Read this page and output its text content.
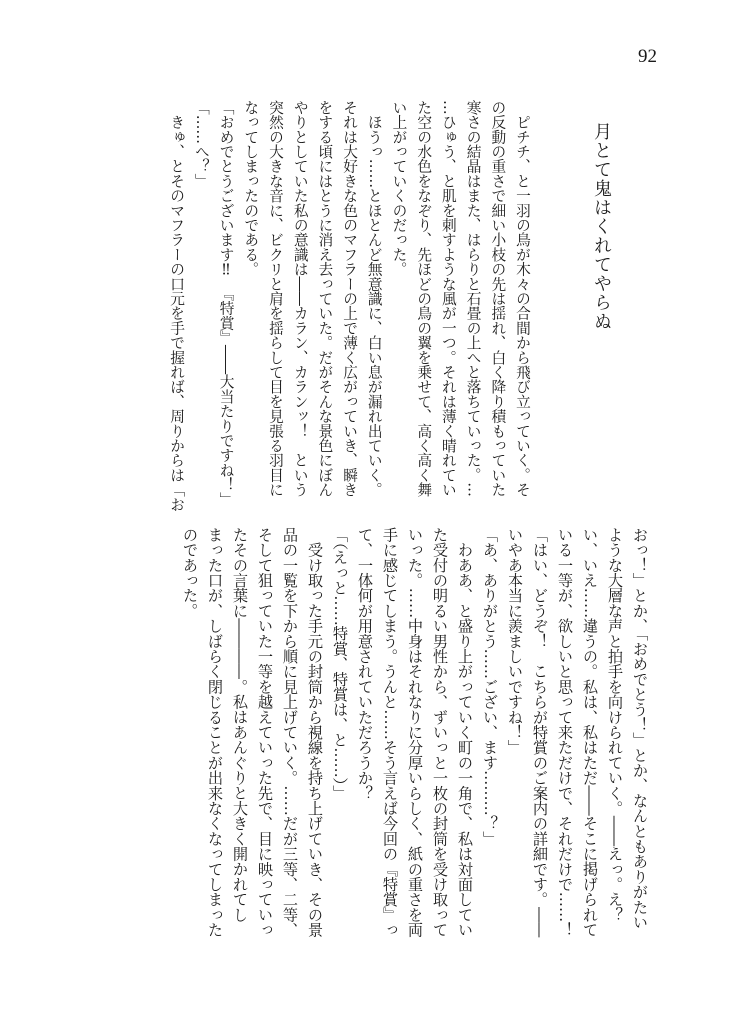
92
月とて鬼はくれてやらぬ
　ピチチ、と一羽の鳥が木々の合間から飛び立っていく。そ
の反動の重さで細い小枝の先は揺れ、白く降り積もっていた
寒さの結晶はまた、はらりと石畳の上へと落ちていった。…
…ひゅう、と肌を刺すような風が一つ。それは薄く晴れてい
た空の水色をなぞり、先ほどの鳥の翼を乗せて、高く高く舞
い上がっていくのだった。
　ほうっ……とほとんど無意識に、白い息が漏れ出ていく。
それは大好きな色のマフラーの上で薄く広がっていき、瞬き
をする頃にはとうに消え去っていた。だがそんな景色にぼん
やりとしていた私の意識は――カラン、カランッ！　という
突然の大きな音に、ビクリと肩を揺らして目を見張る羽目に
なってしまったのである。
「おめでとうございます‼　『特賞』――大当たりですね！」
「……へ？」
　きゅ、とそのマフラーの口元を手で握れば、周りからは「お
おっ！」とか、「おめでとう！」とか、なんともありがたい
ような大層な声と拍手を向けられていく。――えっ。え？
い、いえ……違うの。私は、私はただ――そこに掲げられて
いる一等が、欲しいと思って来ただけで、それだけで……！
「はい、どうぞ！　こちらが特賞のご案内の詳細です。――
いやあ本当に羨ましいですね！」
「あ、ありがとう……ござい、ます………？」
　わああ、と盛り上がっていく町の一角で、私は対面してい
た受付の明るい男性から、ずいっと一枚の封筒を受け取って
いった。……中身はそれなりに分厚いらしく、紙の重さを両
手に感じてしまう。うんと……そう言えば今回の『特賞』っ
て、一体何が用意されていただろうか？
「（えっと……特賞、特賞は、と……）」
　受け取った手元の封筒から視線を持ち上げていき、その景
品の一覧を下から順に見上げていく。……だが三等、二等、
そして狙っていた一等を越えていった先で、目に映っていっ
たその言葉に――――。私はあんぐりと大きく開かれてし
まった口が、しばらく閉じることが出来なくなってしまった
のであった。
